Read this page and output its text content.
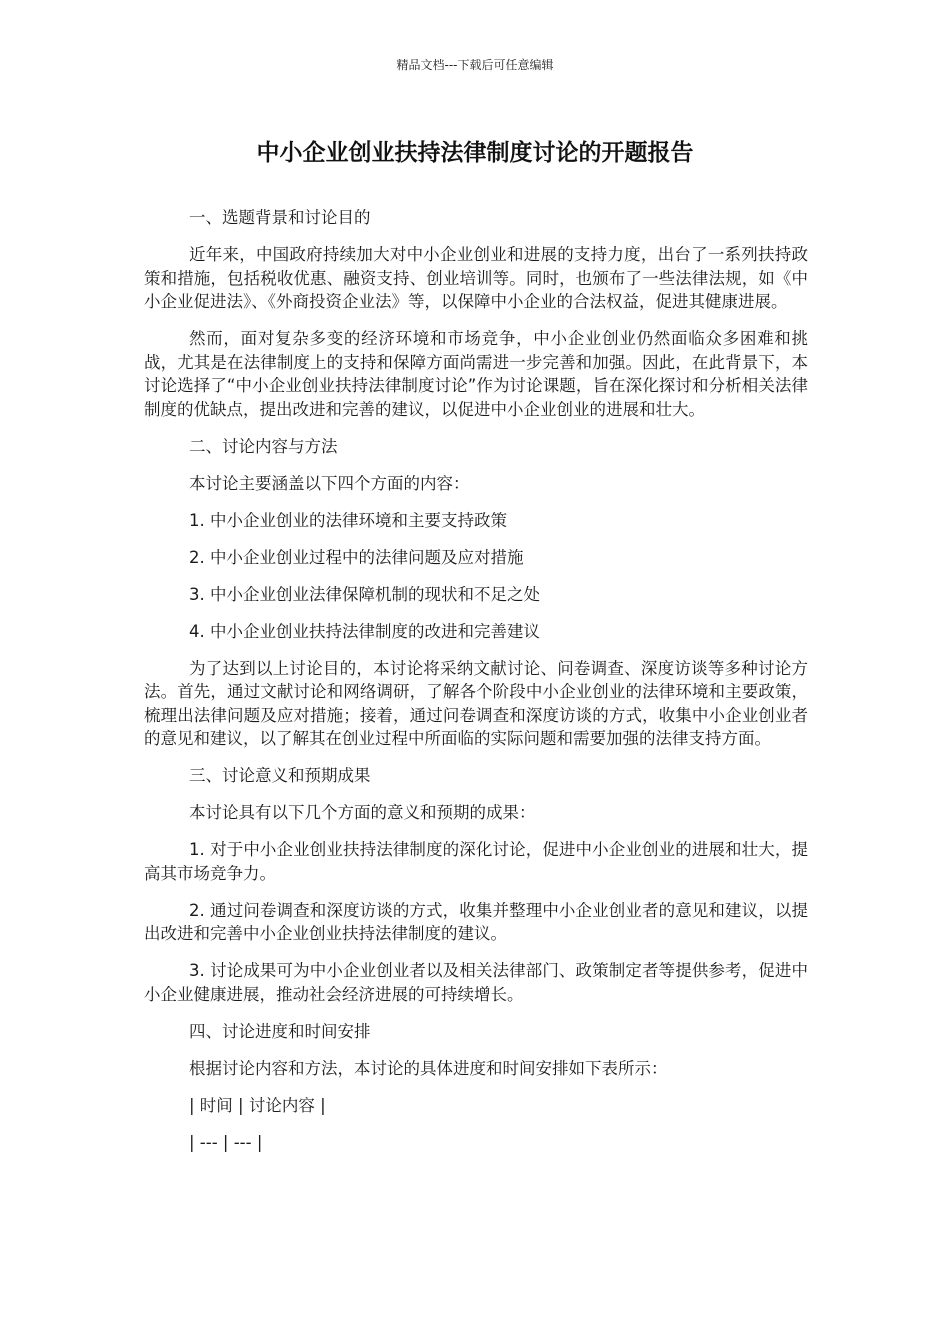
精品文档---下载后可任意编辑
中小企业创业扶持法律制度讨论的开题报告

一、选题背景和讨论目的

近年来，中国政府持续加大对中小企业创业和进展的支持力度，出台了一系列扶持政策和措施，包括税收优惠、融资支持、创业培训等。同时，也颁布了一些法律法规，如《中小企业促进法》、《外商投资企业法》等，以保障中小企业的合法权益，促进其健康进展。

然而，面对复杂多变的经济环境和市场竞争，中小企业创业仍然面临众多困难和挑战，尤其是在法律制度上的支持和保障方面尚需进一步完善和加强。因此，在此背景下，本讨论选择了“中小企业创业扶持法律制度讨论”作为讨论课题，旨在深化探讨和分析相关法律制度的优缺点，提出改进和完善的建议，以促进中小企业创业的进展和壮大。

二、讨论内容与方法

本讨论主要涵盖以下四个方面的内容：

1. 中小企业创业的法律环境和主要支持政策

2. 中小企业创业过程中的法律问题及应对措施

3. 中小企业创业法律保障机制的现状和不足之处

4. 中小企业创业扶持法律制度的改进和完善建议

为了达到以上讨论目的，本讨论将采纳文献讨论、问卷调查、深度访谈等多种讨论方法。首先，通过文献讨论和网络调研，了解各个阶段中小企业创业的法律环境和主要政策，梳理出法律问题及应对措施；接着，通过问卷调查和深度访谈的方式，收集中小企业创业者的意见和建议，以了解其在创业过程中所面临的实际问题和需要加强的法律支持方面。

三、讨论意义和预期成果

本讨论具有以下几个方面的意义和预期的成果：

1. 对于中小企业创业扶持法律制度的深化讨论，促进中小企业创业的进展和壮大，提高其市场竞争力。

2. 通过问卷调查和深度访谈的方式，收集并整理中小企业创业者的意见和建议，以提出改进和完善中小企业创业扶持法律制度的建议。

3. 讨论成果可为中小企业创业者以及相关法律部门、政策制定者等提供参考，促进中小企业健康进展，推动社会经济进展的可持续增长。

四、讨论进度和时间安排

根据讨论内容和方法，本讨论的具体进度和时间安排如下表所示：

| 时间 | 讨论内容 |

| --- | --- |
